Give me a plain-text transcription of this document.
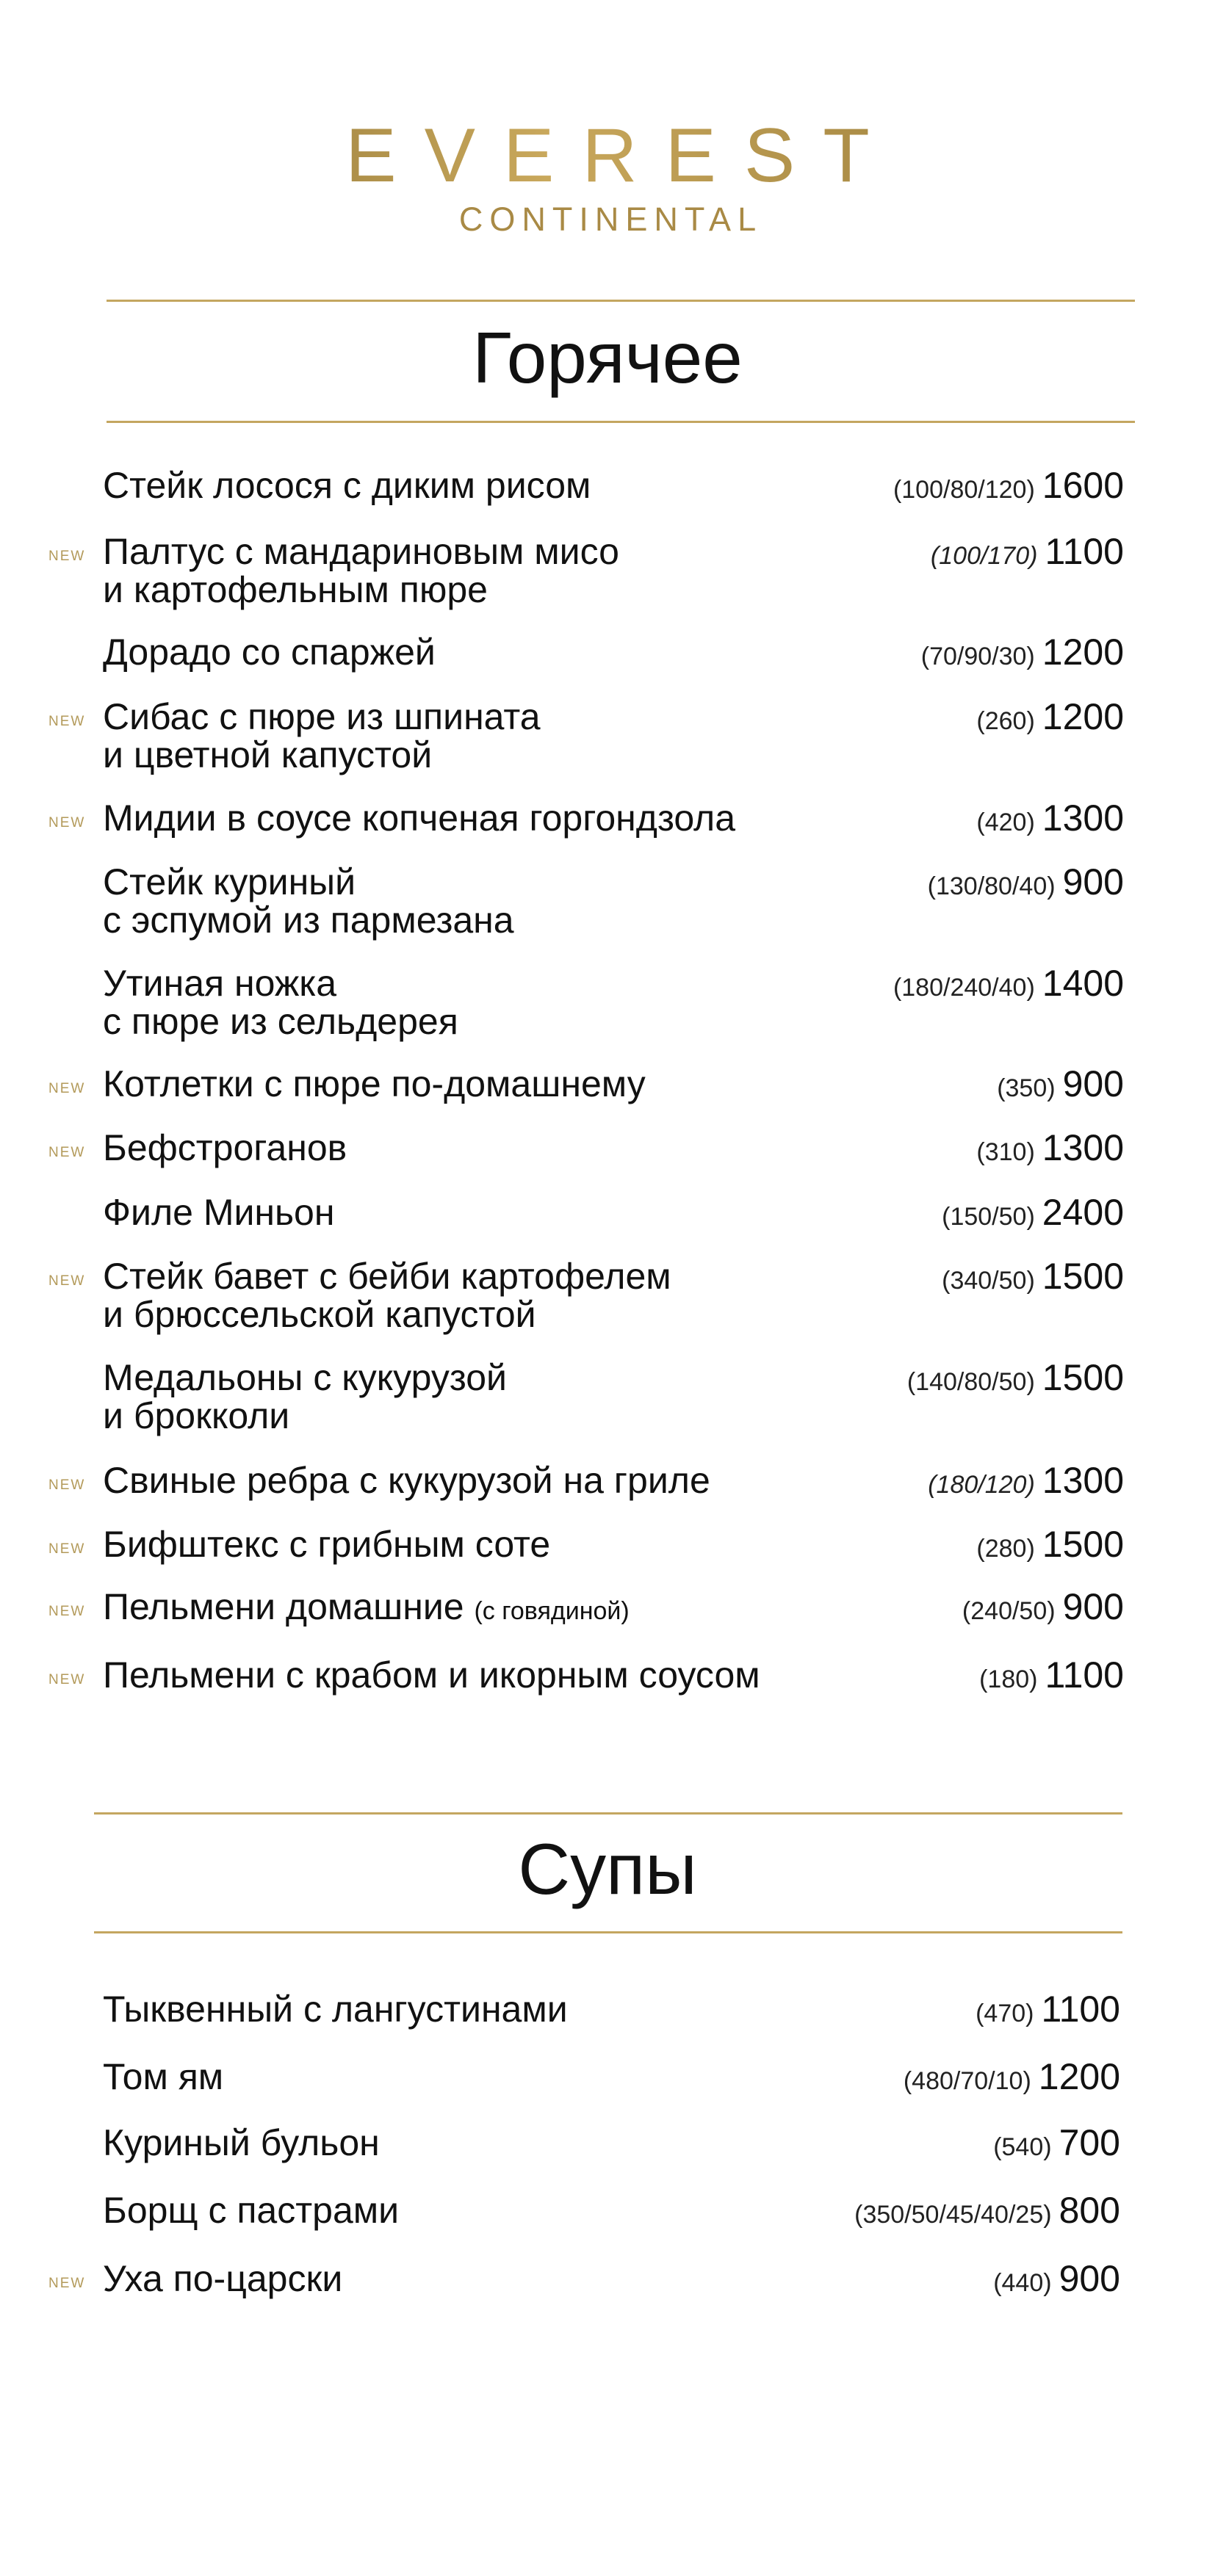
EVEREST
CONTINENTAL
Горячее
Стейк лосося с диким рисом	(100/80/120) 1600
NEW Палтус с мандариновым мисо
и картофельным пюре
(100/170) 1100
Дорадо со спаржей	(70/90/30) 1200
NEW Сибас с пюре из шпината
и цветной капустой
(260) 1200
NEW Мидии в соусе копченая горгондзола	(420) 1300
Стейк куриный
с эспумой из пармезана
(130/80/40) 900
Утиная ножка
с пюре из сельдерея
(180/240/40) 1400
NEW Котлетки с пюре по-домашнему	(350) 900
NEW Бефстроганов	(310) 1300
Филе Миньон	(150/50) 2400
NEW Стейк бавет с бейби картофелем
и брюссельской капустой
(340/50) 1500
Медальоны с кукурузой
и брокколи
(140/80/50) 1500
NEW Свиные ребра с кукурузой на гриле	(180/120) 1300
NEW Бифштекс с грибным соте	(280) 1500
NEW Пельмени домашние (с говядиной)	(240/50) 900
NEW Пельмени с крабом и икорным соусом	(180) 1100
Супы
Тыквенный с лангустинами	(470) 1100
Том ям	(480/70/10) 1200
Куриный бульон	(540) 700
Борщ с пастрами	(350/50/45/40/25) 800
NEW Уха по-царски	(440) 900
